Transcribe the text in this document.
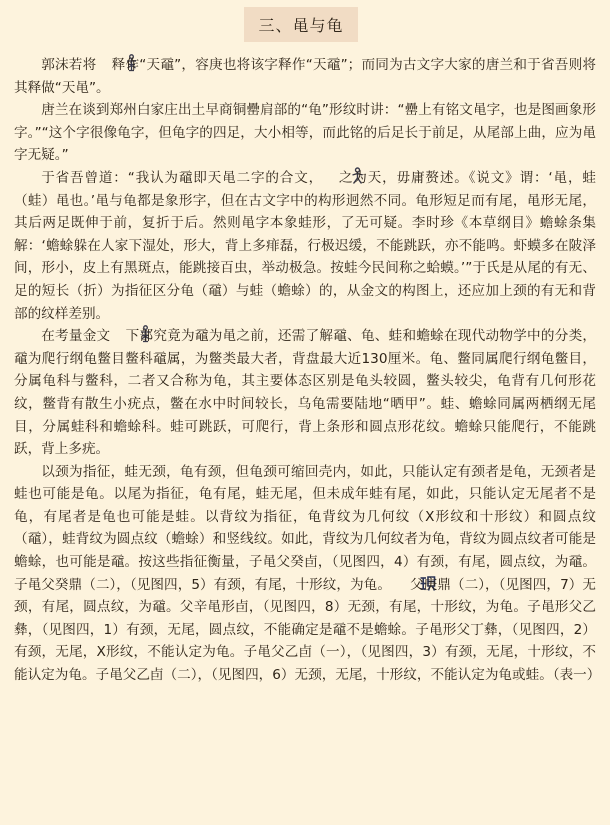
三、黾与龟

郭沫若将 释作“天黿”，容庚也将该字释作“天黿”；而同为古文字大家的唐兰和于省吾则将其释做“天黾”。

唐兰在谈到郑州白家庄出土早商铜罍肩部的“龟”形纹时讲：“罍上有铭文黾字，也是图画象形字。”“这个字很像龟字，但龟字的四足，大小相等，而此铭的后足长于前足，从尾部上曲，应为黾字无疑。”

于省吾曾道：“我认为黿即天黾二字的合文， 之为天，毋庸赘述。《说文》谓：‘黾，蛙（蛙）黾也。’黾与龟都是象形字，但在古文字中的构形迥然不同。龟形短足而有尾，黾形无尾，其后两足既伸于前，复折于后。然则黾字本象蛙形，了无可疑。李时珍《本草纲目》蟾蜍条集解：‘蟾蜍躲在人家下湿处，形大，背上多痱磊，行极迟缓，不能跳跃，亦不能鸣。虾蟆多在陂泽间，形小，皮上有黑斑点，能跳接百虫，举动极急。按蛙今民间称之蛤蟆。’”于氏是从尾的有无、足的短长（折）为指征区分龟（黿）与蛙（蟾蜍）的，从金文的构图上，还应加上颈的有无和背部的纹样差别。

在考量金文 下部究竟为黿为黾之前，还需了解黿、龟、蛙和蟾蜍在现代动物学中的分类，黿为爬行纲龟鳖目鳖科黿属，为鳖类最大者，背盘最大近130厘米。龟、鳖同属爬行纲龟鳖目，分属龟科与鳖科，二者又合称为龟，其主要体态区别是龟头较圆，鳖头较尖，龟背有几何形花纹，鳖背有散生小疣点，鳖在水中时间较长，乌龟需要陆地“晒甲”。蛙、蟾蜍同属两栖纲无尾目，分属蛙科和蟾蜍科。蛙可跳跃，可爬行，背上条形和圆点形花纹。蟾蜍只能爬行，不能跳跃，背上多疣。

以颈为指征，蛙无颈，龟有颈，但龟颈可缩回壳内，如此，只能认定有颈者是龟，无颈者是蛙也可能是龟。以尾为指征，龟有尾，蛙无尾，但未成年蛙有尾，如此，只能认定无尾者不是龟，有尾者是龟也可能是蛙。以背纹为指征，龟背纹为几何纹（X形纹和十形纹）和圆点纹（黿），蛙背纹为圆点纹（蟾蜍）和竖线纹。如此，背纹为几何纹者为龟，背纹为圆点纹者可能是蟾蜍，也可能是黿。按这些指征衡量，子黾父癸卣，（见图四，4）有颈，有尾，圆点纹，为黿。子黾父癸鼎（二），（见图四，5）有颈，有尾，十形纹，为龟。 父庚鼎（二），（见图四，7）无颈，有尾，圆点纹，为黿。父辛黾形卣，（见图四，8）无颈，有尾，十形纹，为龟。子黾形父乙彝，（见图四，1）有颈，无尾，圆点纹，不能确定是黿不是蟾蜍。子黾形父丁彝，（见图四，2）有颈，无尾，X形纹，不能认定为龟。子黾父乙卣（一），（见图四，3）有颈，无尾，十形纹，不能认定为龟。子黾父乙卣（二），（见图四，6）无颈，无尾，十形纹，不能认定为龟或蛙。（表一）
